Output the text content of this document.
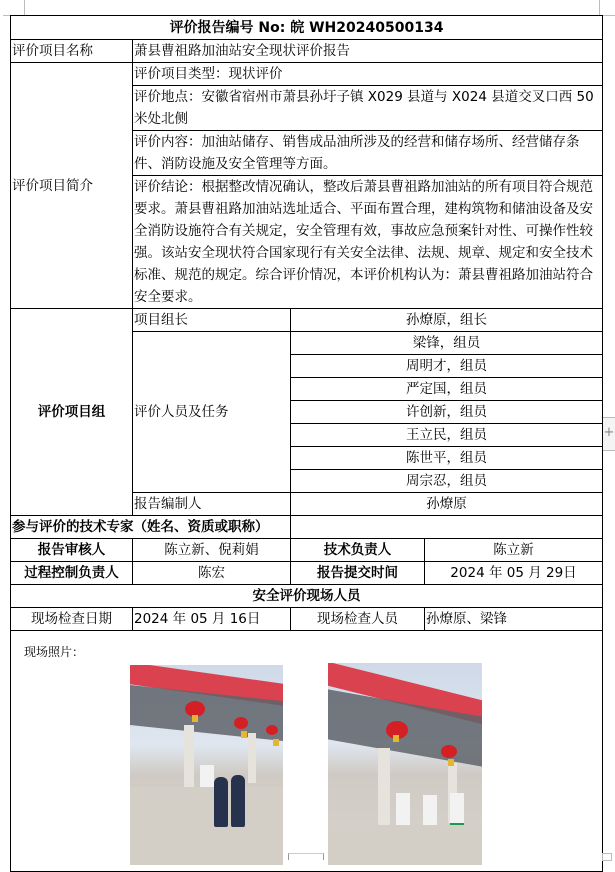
评价报告编号 No: 皖 WH20240500134			
评价项目名称	萧县曹祖路加油站安全现状评价报告		
评价项目简介	评价项目类型：现状评价		
	评价地点：安徽省宿州市萧县孙圩子镇 X029 县道与 X024 县道交叉口西 50 米处北侧		
	评价内容：加油站储存、销售成品油所涉及的经营和储存场所、经营储存条件、消防设施及安全管理等方面。		
	评价结论：根据整改情况确认，整改后萧县曹祖路加油站的所有项目符合规范要求。萧县曹祖路加油站选址适合、平面布置合理，建构筑物和储油设备及安全消防设施符合有关规定，安全管理有效，事故应急预案针对性、可操作性较强。该站安全现状符合国家现行有关安全法律、法规、规章、规定和安全技术标准、规范的规定。综合评价情况，本评价机构认为：萧县曹祖路加油站符合安全要求。		
评价项目组	项目组长	孙燎原，组长	
	评价人员及任务	梁锋，组员	
		周明才，组员	
		严定国，组员	
		许创新，组员	
		王立民，组员	
		陈世平，组员	
		周宗忍，组员	
	报告编制人	孙燎原	
参与评价的技术专家（姓名、资质或职称）			
报告审核人	陈立新、倪莉娟	技术负责人	陈立新
过程控制负责人	陈宏	报告提交时间	2024 年 05 月 29日
安全评价现场人员			
现场检查日期	2024 年 05 月 16日	现场检查人员	孙燎原、梁锋

现场照片：			
+
